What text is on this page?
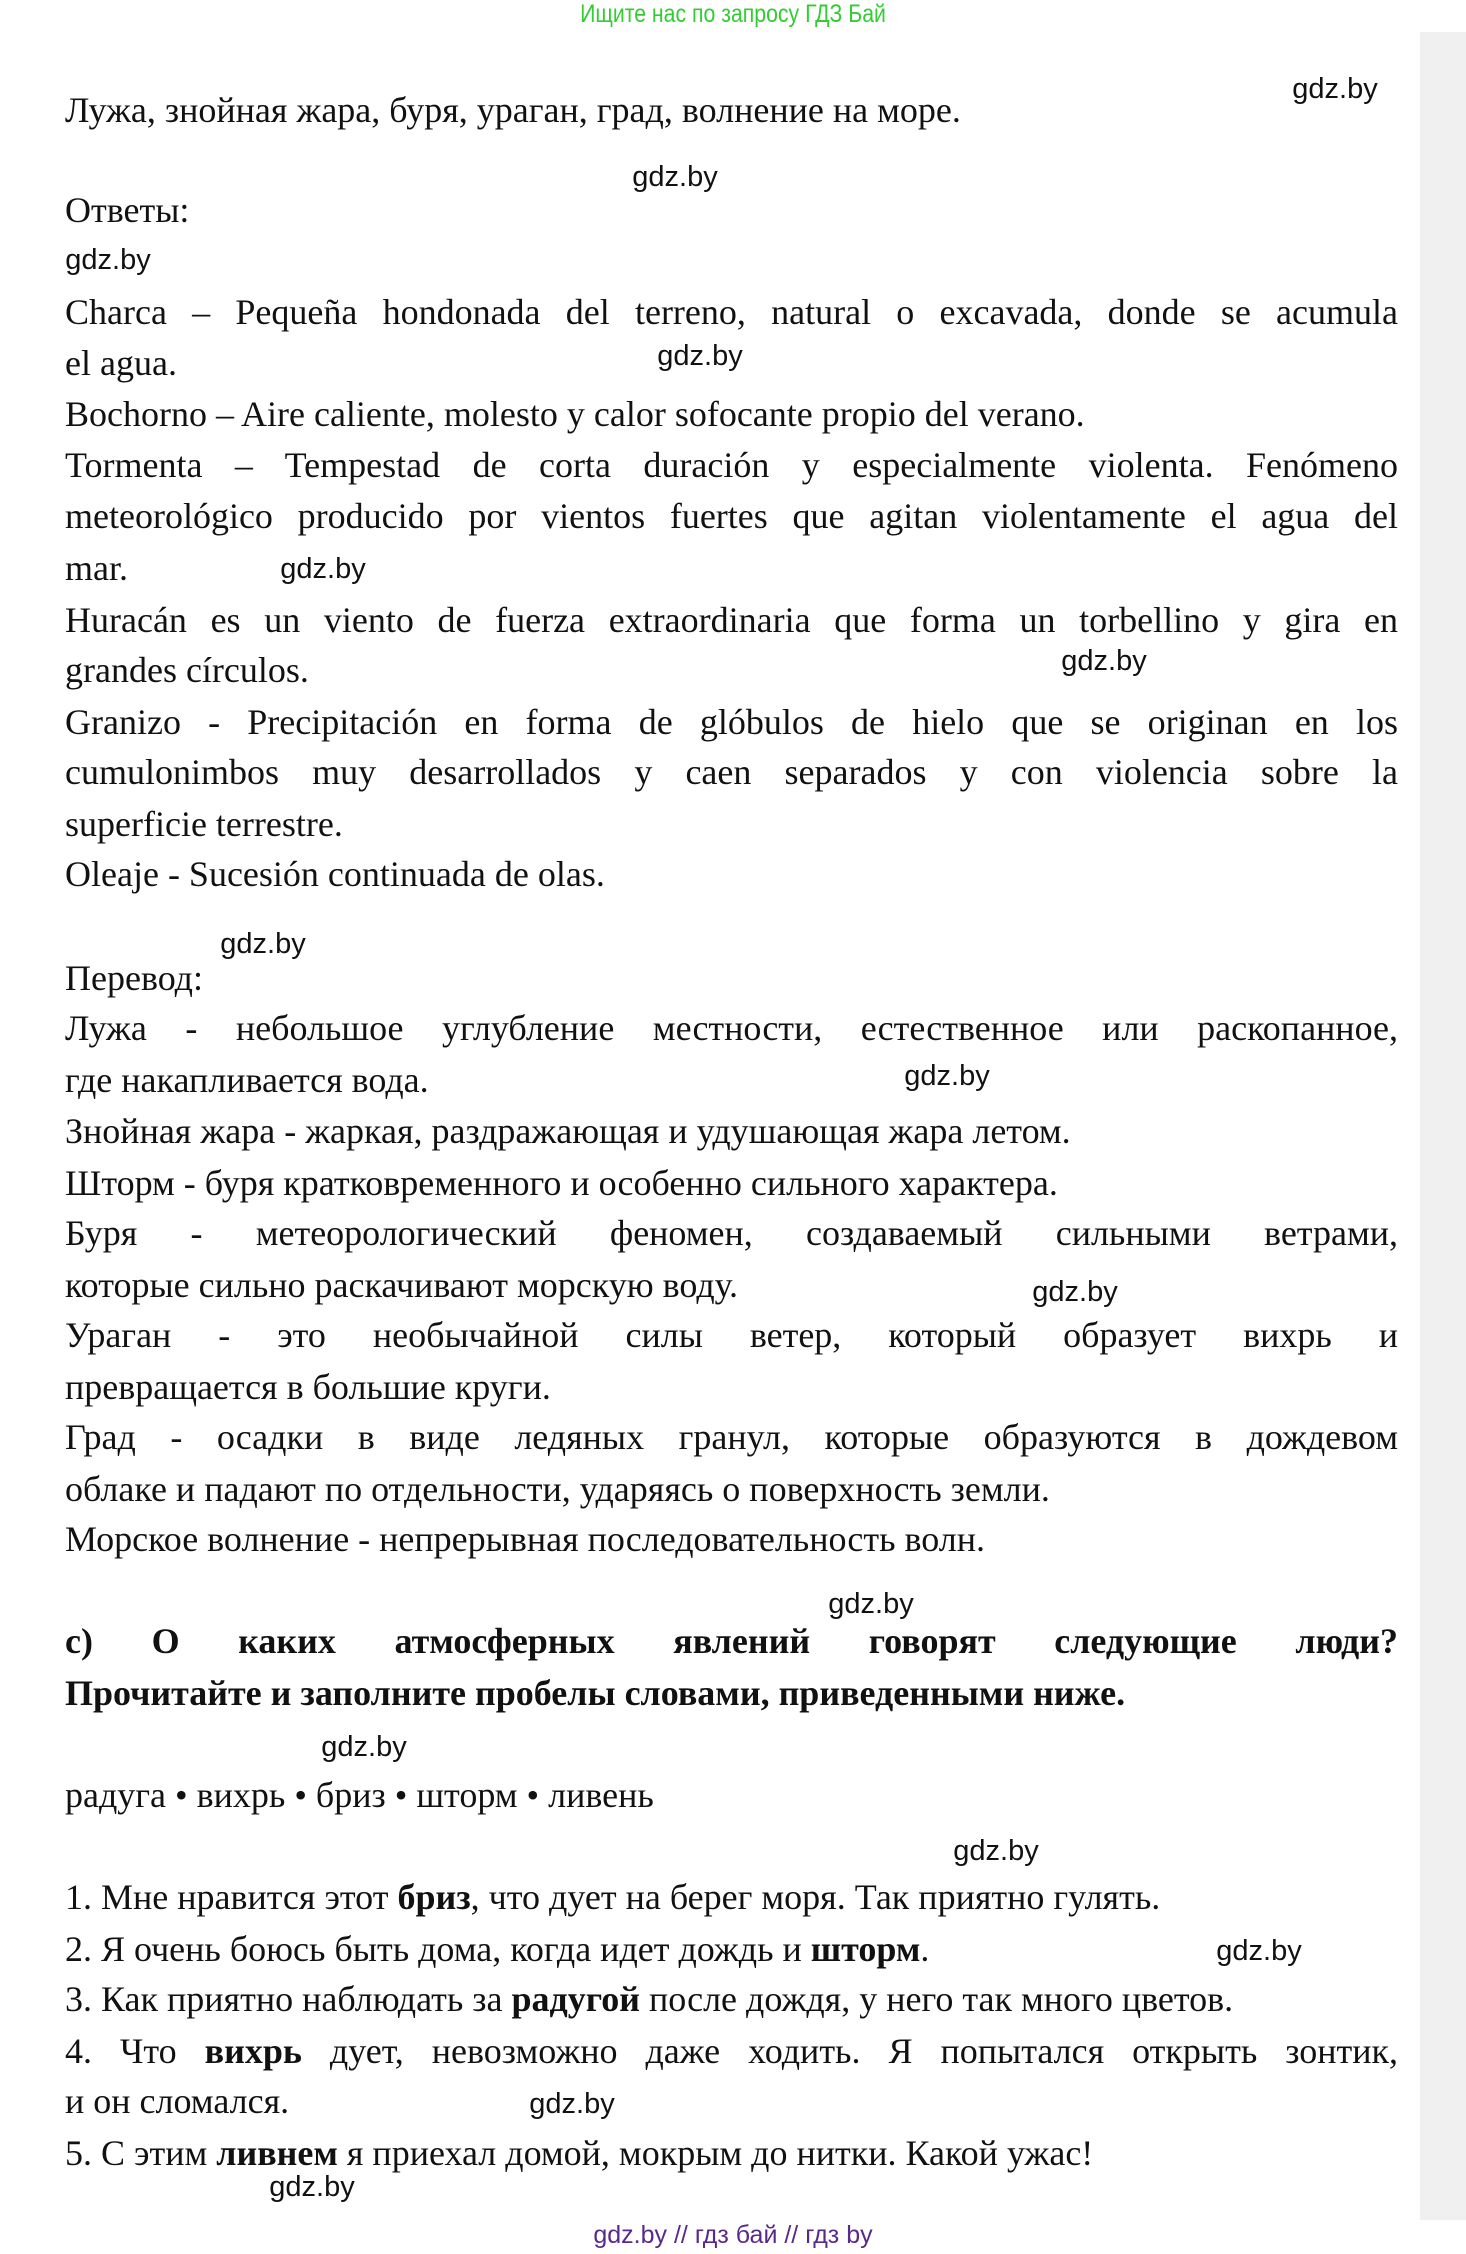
Ищите нас по запросу ГДЗ Бай
Лужа, знойная жара, буря, ураган, град, волнение на море.
Ответы:
Charca – Pequeña hondonada del terreno, natural o excavada, donde se acumula
el agua.
Bochorno – Aire caliente, molesto y calor sofocante propio del verano.
Tormenta – Tempestad de corta duración y especialmente violenta. Fenómeno
meteorológico producido por vientos fuertes que agitan violentamente el agua del
mar.
Huracán es un viento de fuerza extraordinaria que forma un torbellino y gira en
grandes círculos.
Granizo - Precipitación en forma de glóbulos de hielo que se originan en los
cumulonimbos muy desarrollados y caen separados y con violencia sobre la
superficie terrestre.
Oleaje - Sucesión continuada de olas.
Перевод:
Лужа - небольшое углубление местности, естественное или раскопанное,
где накапливается вода.
Знойная жара - жаркая, раздражающая и удушающая жара летом.
Шторм - буря кратковременного и особенно сильного характера.
Буря - метеорологический феномен, создаваемый сильными ветрами,
которые сильно раскачивают морскую воду.
Ураган - это необычайной силы ветер, который образует вихрь и
превращается в большие круги.
Град - осадки в виде ледяных гранул, которые образуются в дождевом
облаке и падают по отдельности, ударяясь о поверхность земли.
Морское волнение - непрерывная последовательность волн.
c) О каких атмосферных явлений говорят следующие люди?
Прочитайте и заполните пробелы словами, приведенными ниже.
радуга • вихрь • бриз • шторм • ливень
1. Мне нравится этот бриз, что дует на берег моря. Так приятно гулять.
2. Я очень боюсь быть дома, когда идет дождь и шторм.
3. Как приятно наблюдать за радугой после дождя, у него так много цветов.
4. Что вихрь дует, невозможно даже ходить. Я попытался открыть зонтик,
и он сломался.
5. С этим ливнем я приехал домой, мокрым до нитки. Какой ужас!
gdz.by
gdz.by
gdz.by
gdz.by
gdz.by
gdz.by
gdz.by
gdz.by
gdz.by
gdz.by
gdz.by
gdz.by
gdz.by
gdz.by
gdz.by
gdz.by // гдз бай // гдз by
